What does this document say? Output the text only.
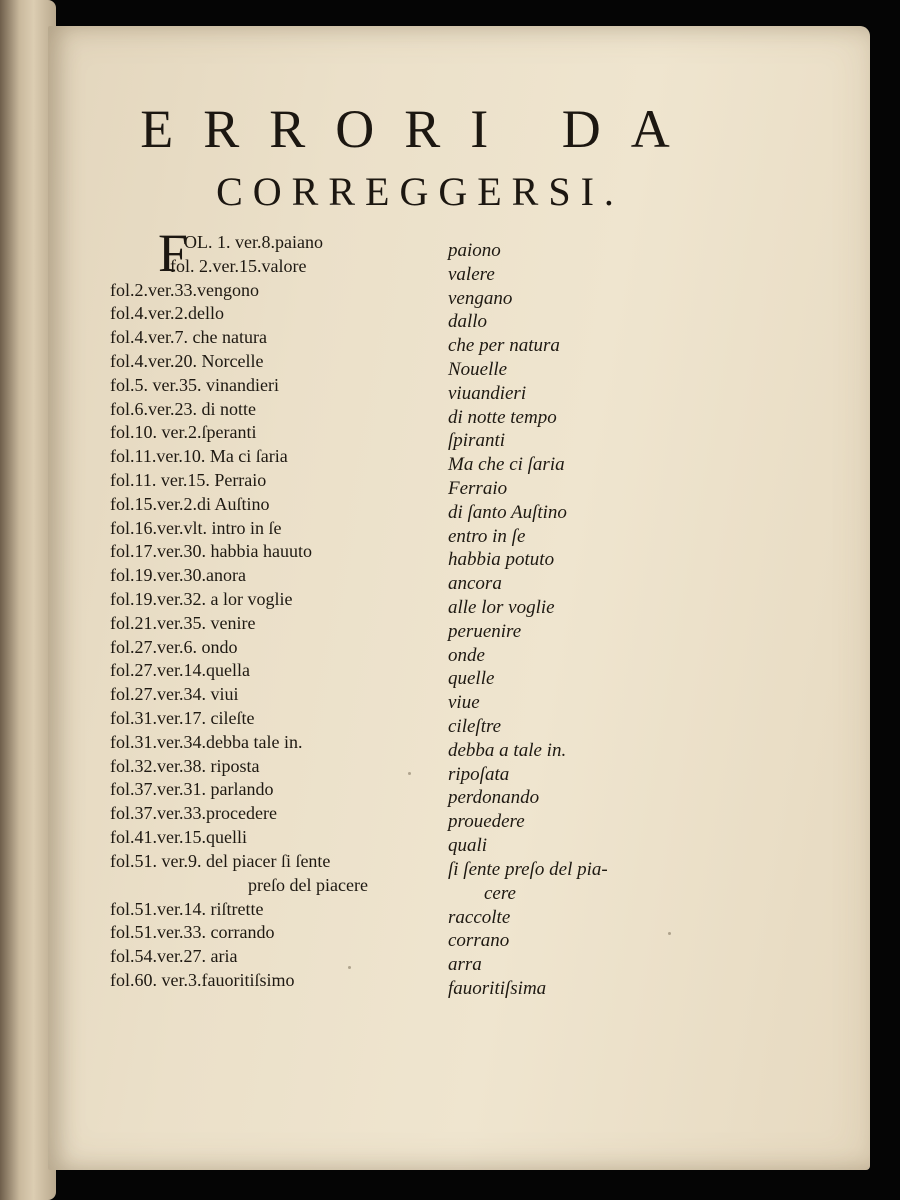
ERRORI DA
CORREGGERSI.
F
OL. 1. ver.8.paiano	paiono
fol. 2.ver.15.valore	valere
fol.2.ver.33.vengono	vengano
fol.4.ver.2.dello	dallo
fol.4.ver.7. che natura	che per natura
fol.4.ver.20. Norcelle	Nouelle
fol.5. ver.35. vinandieri	viuandieri
fol.6.ver.23. di notte	di notte tempo
fol.10. ver.2.ſperanti	ſpiranti
fol.11.ver.10. Ma ci ſaria	Ma che ci ſaria
fol.11. ver.15. Perraio	Ferraio
fol.15.ver.2.di Auſtino	di ſanto Auſtino
fol.16.ver.vlt. intro in ſe	entro in ſe
fol.17.ver.30. habbia hauuto	habbia potuto
fol.19.ver.30.anora	ancora
fol.19.ver.32. a lor voglie	alle lor voglie
fol.21.ver.35. venire	peruenire
fol.27.ver.6. ondo	onde
fol.27.ver.14.quella	quelle
fol.27.ver.34. viui	viue
fol.31.ver.17. cileſte	cileſtre
fol.31.ver.34.debba tale in.	debba a tale in.
fol.32.ver.38. riposta	ripoſata
fol.37.ver.31. parlando	perdonando
fol.37.ver.33.procedere	prouedere
fol.41.ver.15.quelli	quali
fol.51. ver.9. del piacer ſi ſente	ſi ſente preſo del pia-
preſo del piacere	cere
fol.51.ver.14. riſtrette	raccolte
fol.51.ver.33. corrando	corrano
fol.54.ver.27. aria	arra
fol.60. ver.3.fauoritiſsimo	fauoritiſsima
